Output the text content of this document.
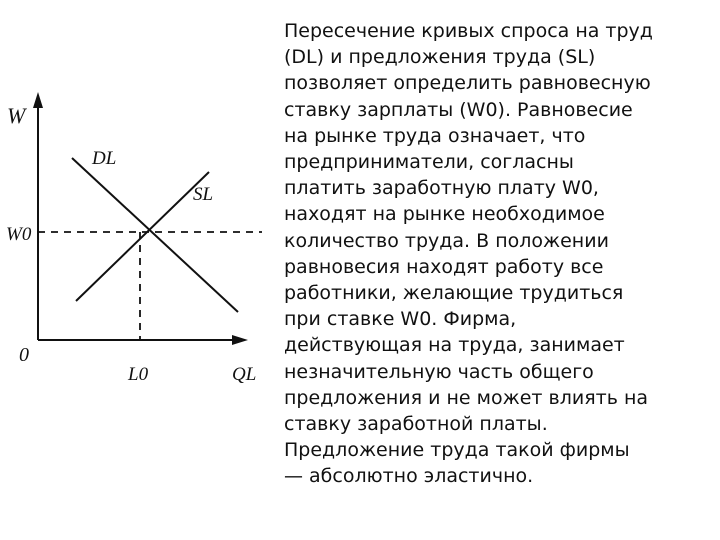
W
W0
0
L0	QL
DL
SL
Пересечение кривых спроса на труд
(DL) и предложения труда (SL)
позволяет определить равновесную
ставку зарплаты (W0). Равновесие
на рынке труда означает, что
предприниматели, согласны
платить заработную плату W0,
находят на рынке необходимое
количество труда. В положении
равновесия находят работу все
работники, желающие трудиться
при ставке W0. Фирма,
действующая на труда, занимает
незначительную часть общего
предложения и не может влиять на
ставку заработной платы.
Предложение труда такой фирмы
— абсолютно эластично.
